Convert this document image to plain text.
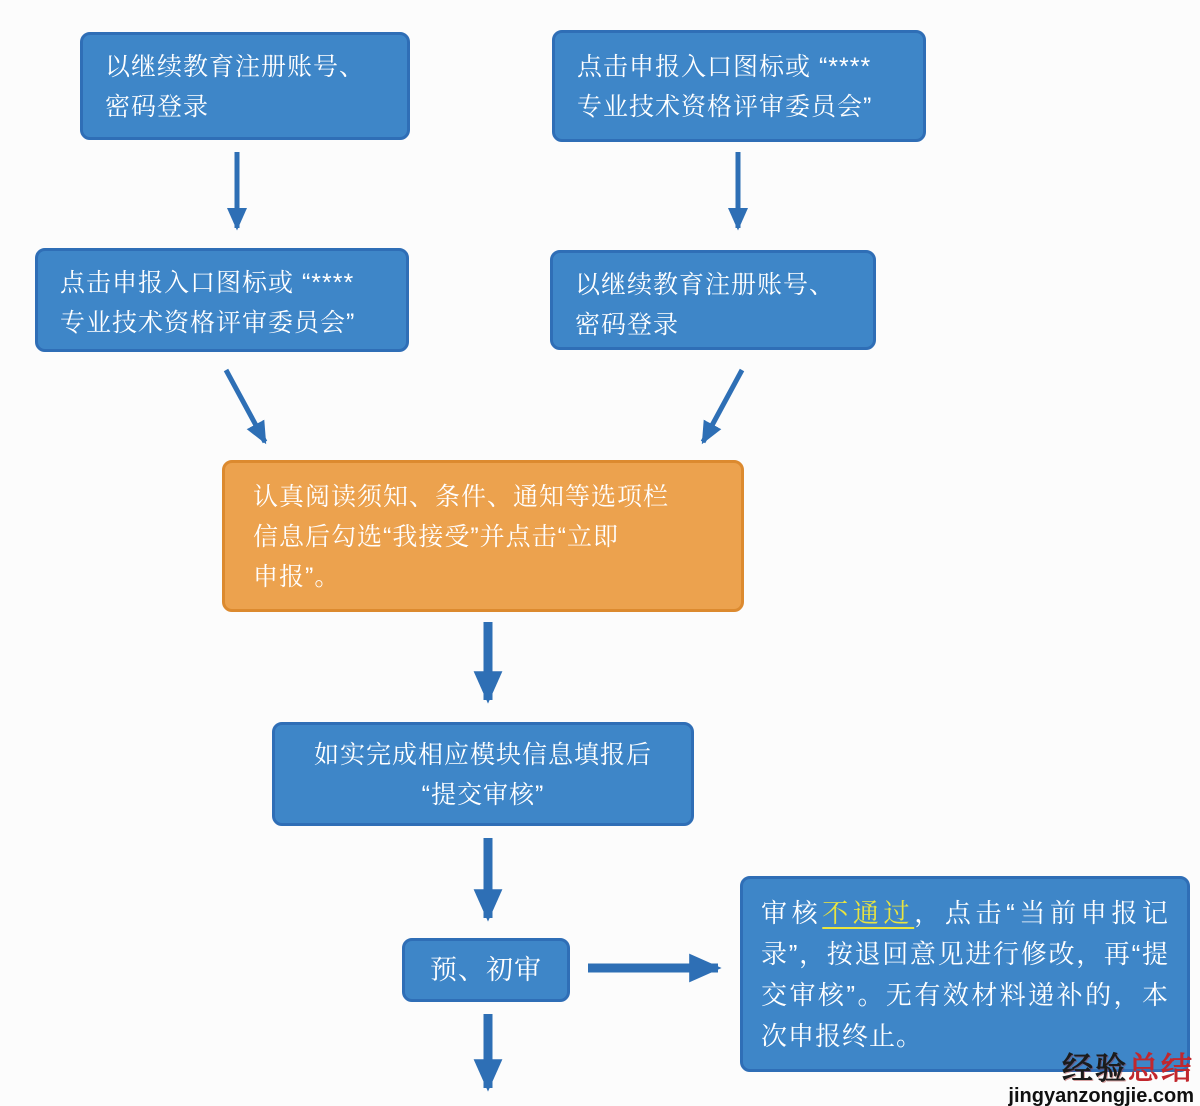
以继续教育注册账号、
密码登录
点击申报入口图标或 “****
专业技术资格评审委员会”
点击申报入口图标或 “****
专业技术资格评审委员会”
以继续教育注册账号、
密码登录
认真阅读须知、条件、通知等选项栏
信息后勾选“我接受”并点击“立即
申报”。
如实完成相应模块信息填报后
“提交审核”
预、初审
审核不通过，点击“当前申报记录”，按退回意见进行修改，再“提交审核”。无有效材料递补的，本次申报终止。
经验总结
jingyanzongjie.com
